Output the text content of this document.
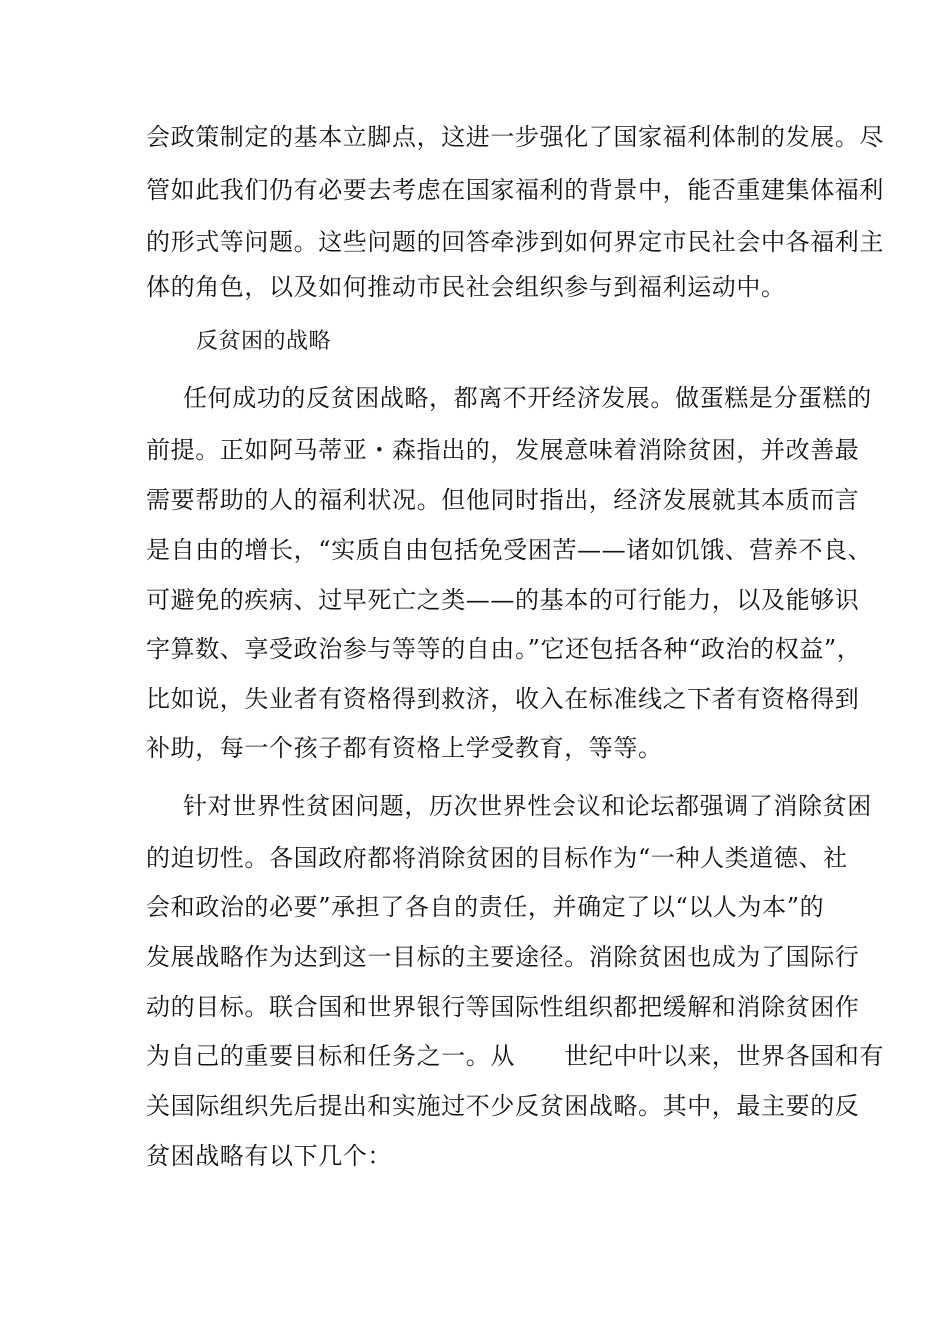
会政策制定的基本立脚点，这进一步强化了国家福利体制的发展。尽
管如此我们仍有必要去考虑在国家福利的背景中，能否重建集体福利
的形式等问题。这些问题的回答牵涉到如何界定市民社会中各福利主
体的角色，以及如何推动市民社会组织参与到福利运动中。
反贫困的战略
任何成功的反贫困战略，都离不开经济发展。做蛋糕是分蛋糕的
前提。正如阿马蒂亚・森指出的，发展意味着消除贫困，并改善最
需要帮助的人的福利状况。但他同时指出，经济发展就其本质而言
是自由的增长，“实质自由包括免受困苦——诸如饥饿、营养不良、
可避免的疾病、过早死亡之类——的基本的可行能力，以及能够识
字算数、享受政治参与等等的自由。”它还包括各种“政治的权益”，
比如说，失业者有资格得到救济，收入在标准线之下者有资格得到
补助，每一个孩子都有资格上学受教育，等等。
针对世界性贫困问题，历次世界性会议和论坛都强调了消除贫困
的迫切性。各国政府都将消除贫困的目标作为“一种人类道德、社
会和政治的必要”承担了各自的责任，并确定了以“以人为本”的
发展战略作为达到这一目标的主要途径。消除贫困也成为了国际行
动的目标。联合国和世界银行等国际性组织都把缓解和消除贫困作
为自己的重要目标和任务之一。从　　世纪中叶以来，世界各国和有
关国际组织先后提出和实施过不少反贫困战略。其中，最主要的反
贫困战略有以下几个：
